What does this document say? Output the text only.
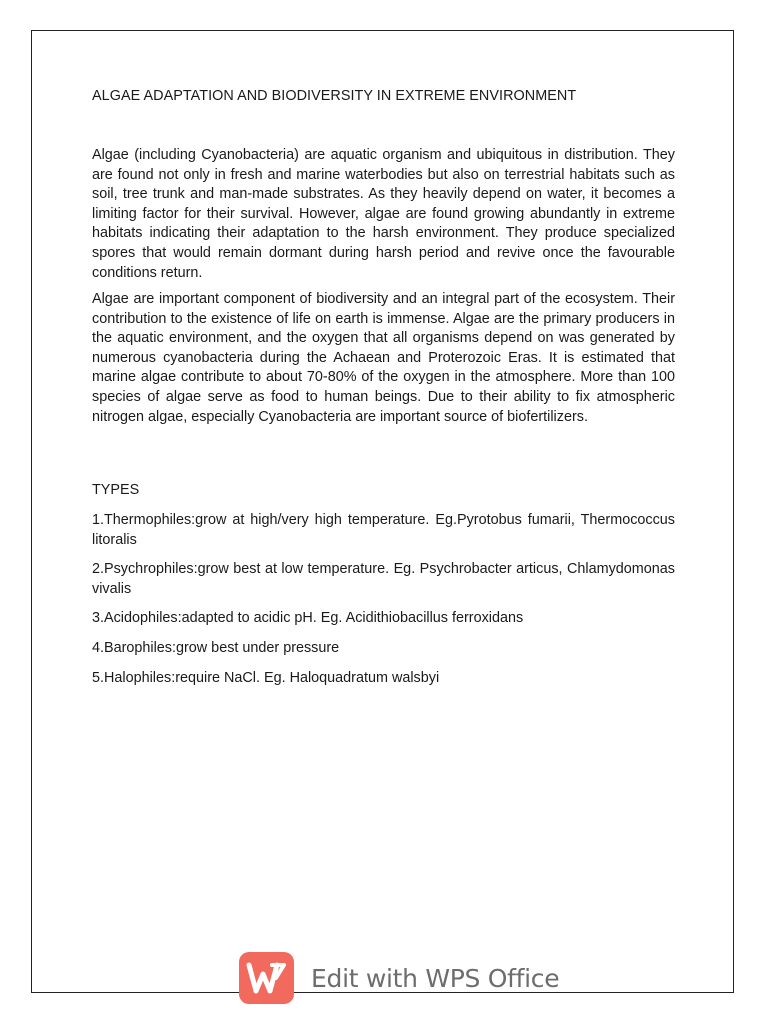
ALGAE ADAPTATION AND BIODIVERSITY IN EXTREME ENVIRONMENT

Algae (including Cyanobacteria) are aquatic organism and ubiquitous in distribution. They are found not only in fresh and marine waterbodies but also on terrestrial habitats such as soil, tree trunk and man-made substrates. As they heavily depend on water, it becomes a limiting factor for their survival. However, algae are found growing abundantly in extreme habitats indicating their adaptation to the harsh environment. They produce specialized spores that would remain dormant during harsh period and revive once the favourable conditions return.

Algae are important component of biodiversity and an integral part of the ecosystem. Their contribution to the existence of life on earth is immense. Algae are the primary producers in the aquatic environment, and the oxygen that all organisms depend on was generated by numerous cyanobacteria during the Achaean and Proterozoic Eras. It is estimated that marine algae contribute to about 70-80% of the oxygen in the atmosphere. More than 100 species of algae serve as food to human beings. Due to their ability to fix atmospheric nitrogen algae, especially Cyanobacteria are important source of biofertilizers.

TYPES

1.Thermophiles:grow at high/very high temperature. Eg.Pyrotobus fumarii, Thermococcus litoralis

2.Psychrophiles:grow best at low temperature. Eg. Psychrobacter articus, Chlamydomonas vivalis

3.Acidophiles:adapted to acidic pH. Eg. Acidithiobacillus ferroxidans

4.Barophiles:grow best under pressure

5.Halophiles:require NaCl. Eg. Haloquadratum walsbyi

Edit with WPS Office
